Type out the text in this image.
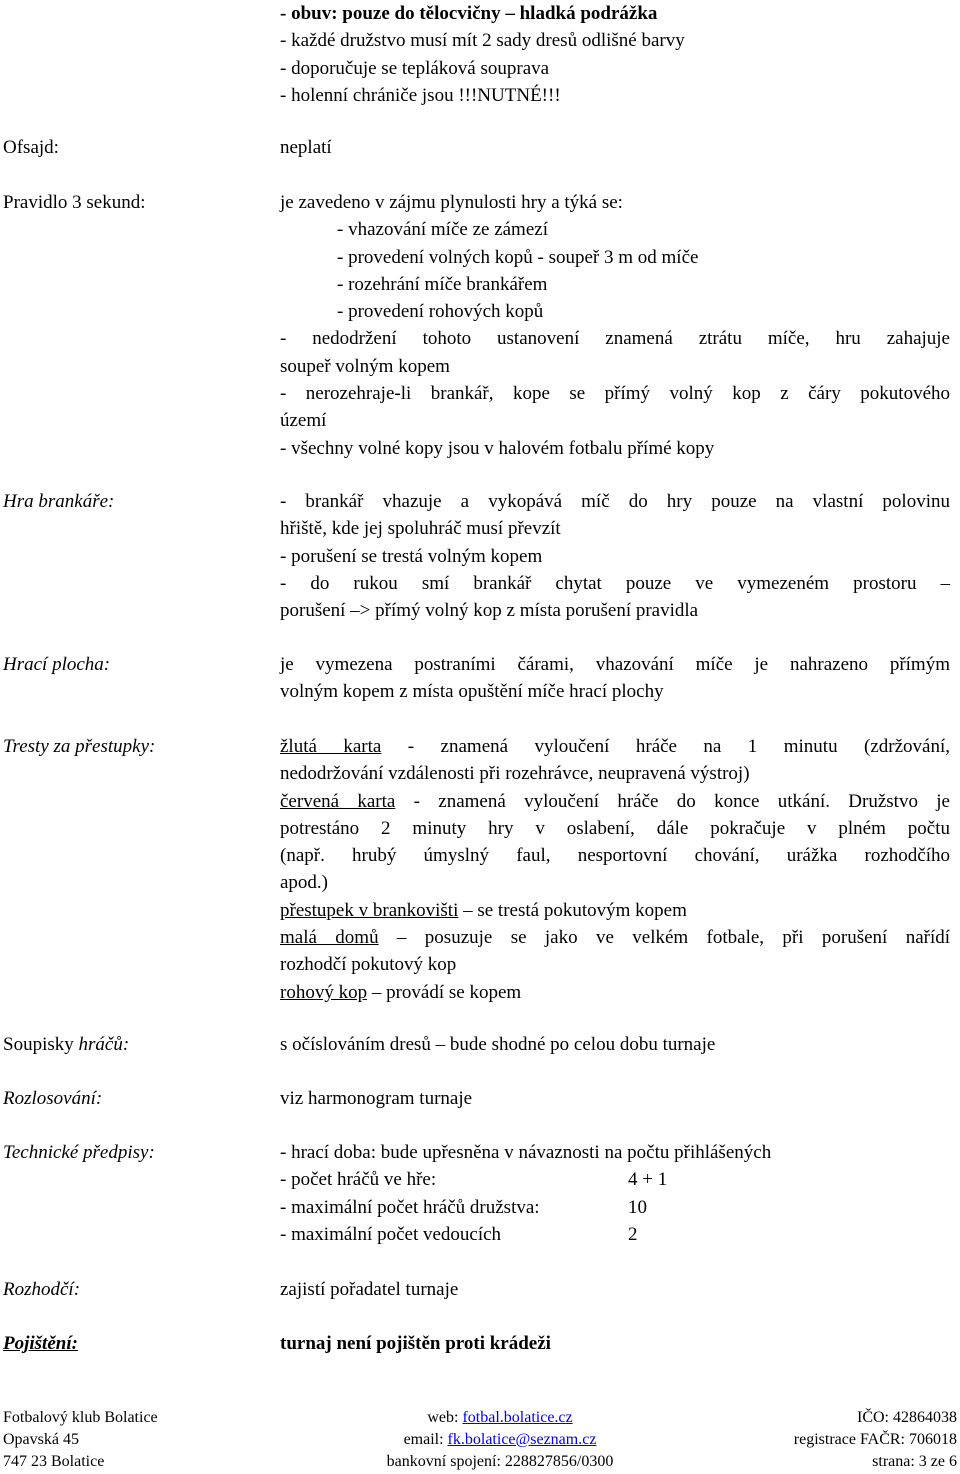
- obuv: pouze do tělocvičny – hladká podrážka
- každé družstvo musí mít 2 sady dresů odlišné barvy
- doporučuje se tepláková souprava
- holenní chrániče jsou !!!NUTNÉ!!!
Ofsajd:	neplatí
Pravidlo 3 sekund:	je zavedeno v zájmu plynulosti hry a týká se:
- vhazování míče ze zámezí
- provedení volných kopů - soupeř 3 m od míče
- rozehrání míče brankářem
- provedení rohových kopů
- nedodržení tohoto ustanovení znamená ztrátu míče, hru zahajuje
soupeř volným kopem
- nerozehraje-li brankář, kope se přímý volný kop z čáry pokutového
území
- všechny volné kopy jsou v halovém fotbalu přímé kopy
Hra brankáře:	- brankář vhazuje a vykopává míč do hry pouze na vlastní polovinu
hřiště, kde jej spoluhráč musí převzít
- porušení se trestá volným kopem
- do rukou smí brankář chytat pouze ve vymezeném prostoru –
porušení –> přímý volný kop z místa porušení pravidla
Hrací plocha:	je vymezena postraními čárami, vhazování míče je nahrazeno přímým
volným kopem z místa opuštění míče hrací plochy
Tresty za přestupky:	žlutá karta - znamená vyloučení hráče na 1 minutu (zdržování,
nedodržování vzdálenosti při rozehrávce, neupravená výstroj)
červená karta - znamená vyloučení hráče do konce utkání. Družstvo je
potrestáno 2 minuty hry v oslabení, dále pokračuje v plném počtu
(např. hrubý úmyslný faul, nesportovní chování, urážka rozhodčího
apod.)
přestupek v brankovišti – se trestá pokutovým kopem
malá domů – posuzuje se jako ve velkém fotbale, při porušení nařídí
rozhodčí pokutový kop
rohový kop – provádí se kopem
Soupisky hráčů:	s očíslováním dresů – bude shodné po celou dobu turnaje
Rozlosování:	viz harmonogram turnaje
Technické předpisy:	- hrací doba: bude upřesněna v návaznosti na počtu přihlášených
- počet hráčů ve hře:	4 + 1
- maximální počet hráčů družstva:	10
- maximální počet vedoucích	2
Rozhodčí:	zajistí pořadatel turnaje
Pojištění:	turnaj není pojištěn proti krádeži
Fotbalový klub Bolatice
Opavská 45
747 23 Bolatice
web: fotbal.bolatice.cz
email: fk.bolatice@seznam.cz
bankovní spojení: 228827856/0300
IČO: 42864038
registrace FAČR: 706018
strana: 3 ze 6
